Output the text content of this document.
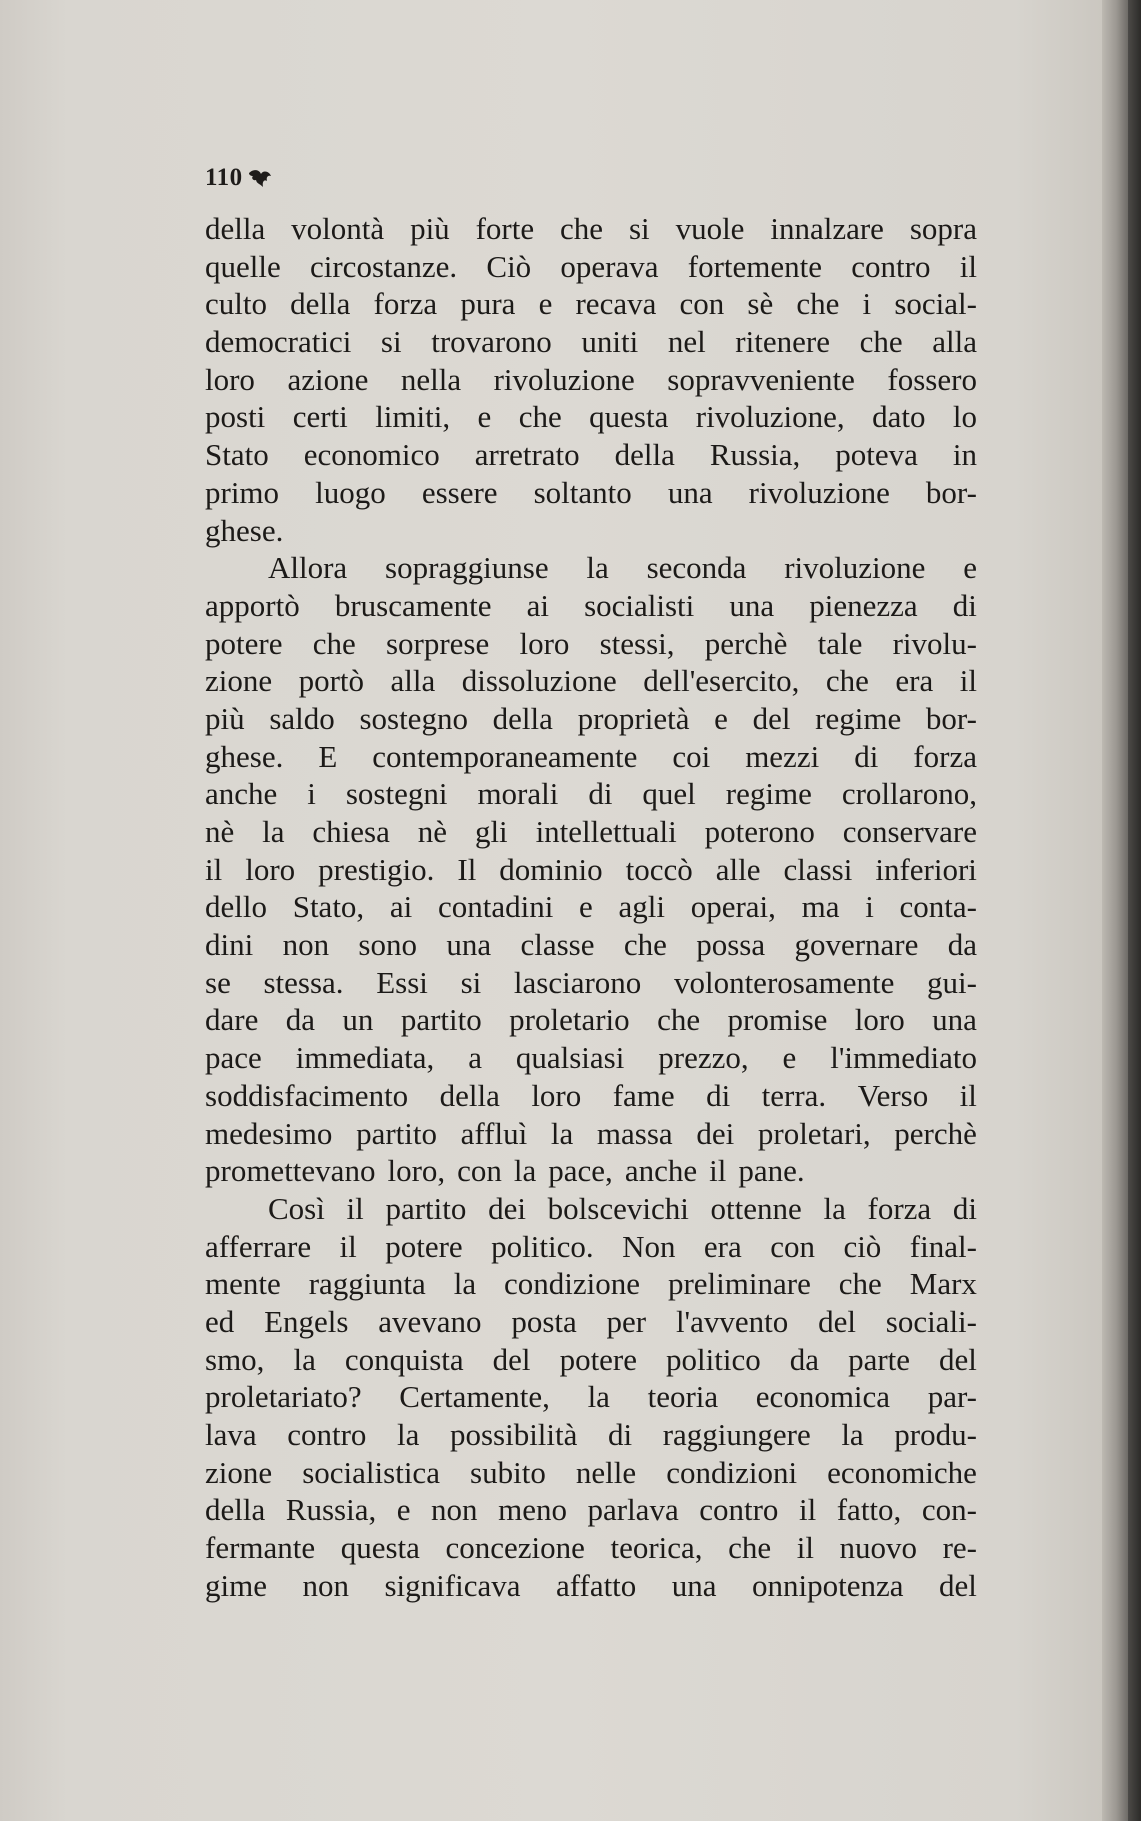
110
della volontà più forte che si vuole innalzare sopra
quelle circostanze. Ciò operava fortemente contro il
culto della forza pura e recava con sè che i social-
democratici si trovarono uniti nel ritenere che alla
loro azione nella rivoluzione sopravveniente fossero
posti certi limiti, e che questa rivoluzione, dato lo
Stato economico arretrato della Russia, poteva in
primo luogo essere soltanto una rivoluzione bor-
ghese.
Allora sopraggiunse la seconda rivoluzione e
apportò bruscamente ai socialisti una pienezza di
potere che sorprese loro stessi, perchè tale rivolu-
zione portò alla dissoluzione dell'esercito, che era il
più saldo sostegno della proprietà e del regime bor-
ghese. E contemporaneamente coi mezzi di forza
anche i sostegni morali di quel regime crollarono,
nè la chiesa nè gli intellettuali poterono conservare
il loro prestigio. Il dominio toccò alle classi inferiori
dello Stato, ai contadini e agli operai, ma i conta-
dini non sono una classe che possa governare da
se stessa. Essi si lasciarono volonterosamente gui-
dare da un partito proletario che promise loro una
pace immediata, a qualsiasi prezzo, e l'immediato
soddisfacimento della loro fame di terra. Verso il
medesimo partito affluì la massa dei proletari, perchè
promettevano loro, con la pace, anche il pane.
Così il partito dei bolscevichi ottenne la forza di
afferrare il potere politico. Non era con ciò final-
mente raggiunta la condizione preliminare che Marx
ed Engels avevano posta per l'avvento del sociali-
smo, la conquista del potere politico da parte del
proletariato? Certamente, la teoria economica par-
lava contro la possibilità di raggiungere la produ-
zione socialistica subito nelle condizioni economiche
della Russia, e non meno parlava contro il fatto, con-
fermante questa concezione teorica, che il nuovo re-
gime non significava affatto una onnipotenza del
